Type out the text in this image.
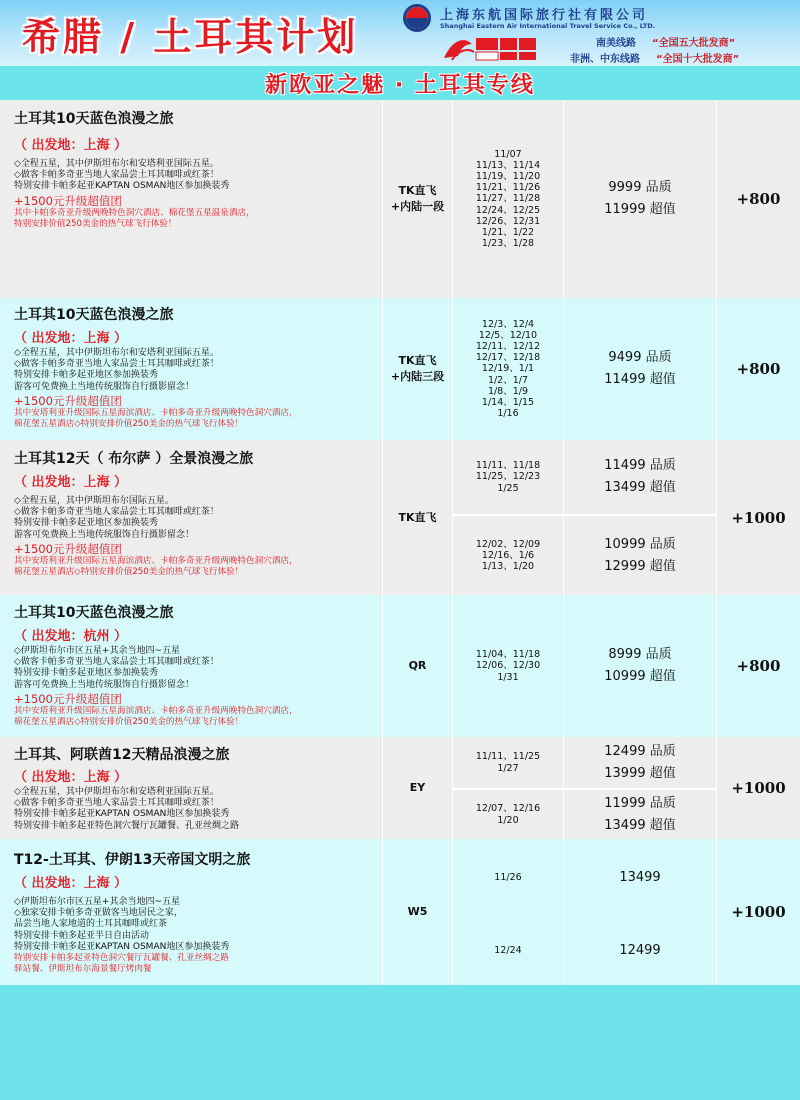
希腊 / 土耳其计划	上海东航国际旅行社有限公司
Shanghai Eastern Air International Travel Service Co., LTD.
南美线路 “全国五大批发商”
非洲、中东线路 “全国十大批发商”
新欧亚之魅 · 土耳其专线
土耳其10天蓝色浪漫之旅
（ 出发地：上海 ）
◇全程五星，其中伊斯坦布尔和安塔利亚国际五星。
◇做客卡帕多奇亚当地人家品尝土耳其咖啡或红茶！
特别安排卡帕多起亚KAPTAN OSMAN地区参加换装秀
+1500元升级超值团
其中卡帕多奇亚升级两晚特色洞穴酒店、棉花堡五星温泉酒店，
特别安排价值250美金的热气球飞行体验！
TK直飞
+内陆一段
11/07
11/13、11/14
11/19、11/20
11/21、11/26
11/27、11/28
12/24、12/25
12/26、12/31
1/21、1/22
1/23、1/28
9999 品质
11999 超值
+800
土耳其10天蓝色浪漫之旅
（ 出发地：上海 ）
◇全程五星，其中伊斯坦布尔和安塔利亚国际五星。
◇做客卡帕多奇亚当地人家品尝土耳其咖啡或红茶！
特别安排卡帕多起亚地区参加换装秀
游客可免费换上当地传统服饰自行摄影留念！
+1500元升级超值团
其中安塔利亚升级国际五星海滨酒店、卡帕多奇亚升级两晚特色洞穴酒店，
棉花堡五星酒店◇特别安排价值250美金的热气球飞行体验！
TK直飞
+内陆三段
12/3、12/4
12/5、12/10
12/11、12/12
12/17、12/18
12/19、1/1
1/2、1/7
1/8、1/9
1/14、1/15
1/16
9499 品质
11499 超值
+800
土耳其12天（ 布尔萨 ）全景浪漫之旅
（ 出发地：上海 ）
◇全程五星，其中伊斯坦布尔国际五星。
◇做客卡帕多奇亚当地人家品尝土耳其咖啡或红茶！
特别安排卡帕多起亚地区参加换装秀
游客可免费换上当地传统服饰自行摄影留念！
+1500元升级超值团
其中安塔利亚升级国际五星海滨酒店、卡帕多奇亚升级两晚特色洞穴酒店，
棉花堡五星酒店◇特别安排价值250美金的热气球飞行体验！
TK直飞
11/11、11/18
11/25、12/23
1/25
12/02、12/09
12/16、1/6
1/13、1/20
11499 品质
13499 超值
10999 品质
12999 超值
+1000
土耳其10天蓝色浪漫之旅
（ 出发地：杭州 ）
◇伊斯坦布尔市区五星+其余当地四~五星
◇做客卡帕多奇亚当地人家品尝土耳其咖啡或红茶！
特别安排卡帕多起亚地区参加换装秀
游客可免费换上当地传统服饰自行摄影留念！
+1500元升级超值团
其中安塔利亚升级国际五星海滨酒店、卡帕多奇亚升级两晚特色洞穴酒店，
棉花堡五星酒店◇特别安排价值250美金的热气球飞行体验！
QR
11/04、11/18
12/06、12/30
1/31
8999 品质
10999 超值
+800
土耳其、阿联酋12天精品浪漫之旅
（ 出发地：上海 ）
◇全程五星，其中伊斯坦布尔和安塔利亚国际五星。
◇做客卡帕多奇亚当地人家品尝土耳其咖啡或红茶！
特别安排卡帕多起亚KAPTAN OSMAN地区参加换装秀
特别安排卡帕多起亚特色洞穴餐厅瓦罐餐、孔亚丝绸之路
EY
11/11、11/25
1/27
12/07、12/16
1/20
12499 品质
13999 超值
11999 品质
13499 超值
+1000
T12-土耳其、伊朗13天帝国文明之旅
（ 出发地：上海 ）
◇伊斯坦布尔市区五星+其余当地四~五星
◇独家安排卡帕多奇亚做客当地居民之家，
品尝当地人家地道的土耳其咖啡或红茶
特别安排卡帕多起亚半日自由活动
特别安排卡帕多起亚KAPTAN OSMAN地区参加换装秀
特别安排卡帕多起亚特色洞穴餐厅瓦罐餐、孔亚丝绸之路
驿站餐、伊斯坦布尔海景餐厅烤肉餐
W5
11/26
12/24
13499
12499
+1000
